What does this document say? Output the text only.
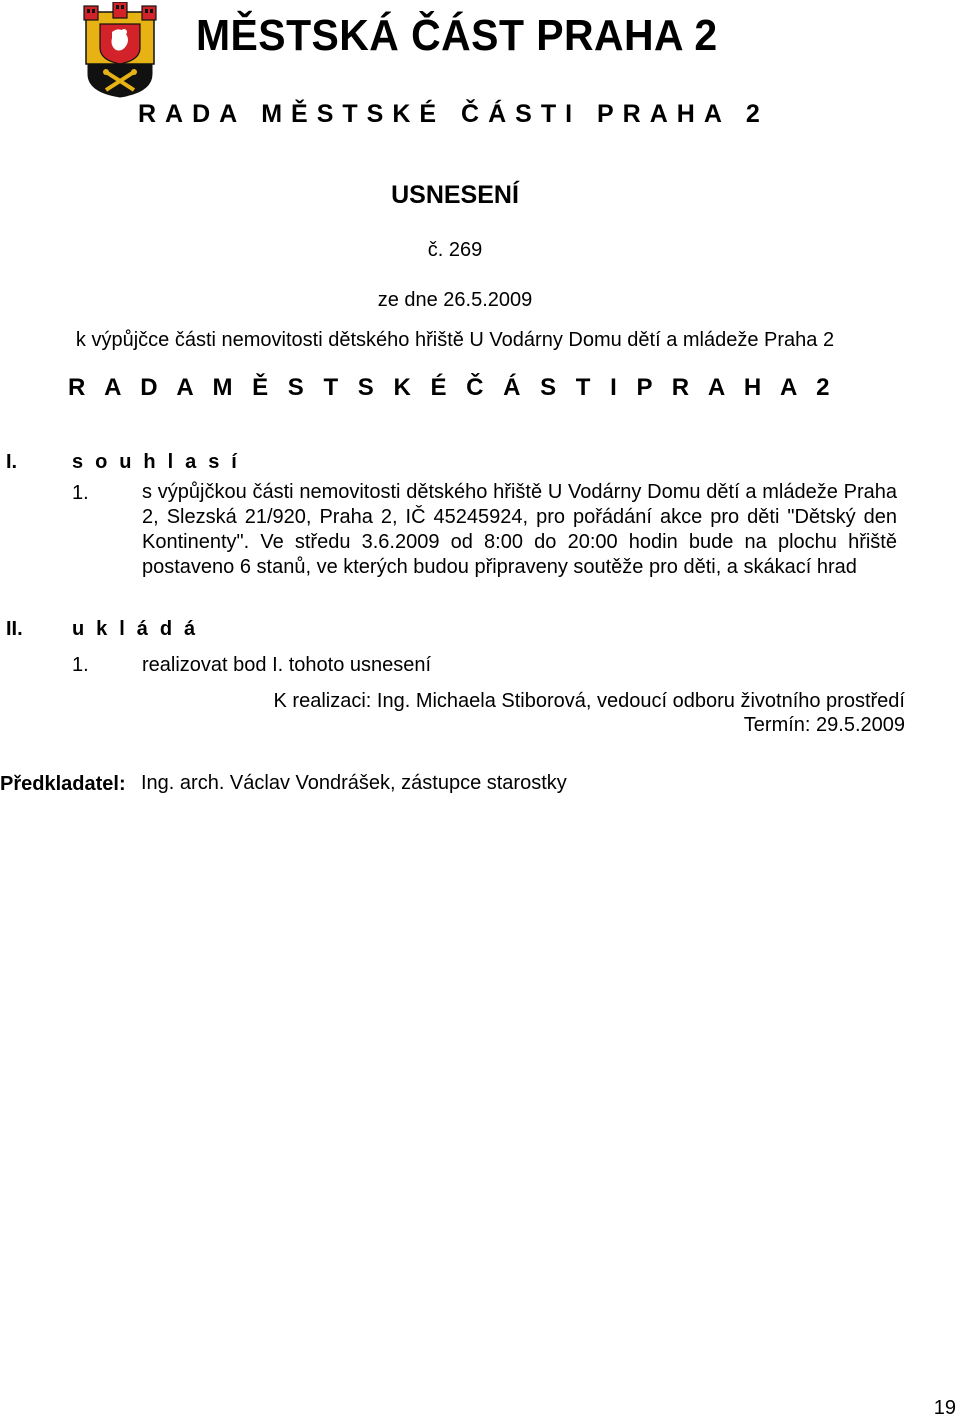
MĚSTSKÁ ČÁST PRAHA 2
RADA MĚSTSKÉ ČÁSTI PRAHA 2
USNESENÍ
č. 269
ze dne 26.5.2009
k výpůjčce části nemovitosti dětského hřiště U Vodárny Domu dětí a mládeže Praha 2
R A D A M Ě S T S K É Č Á S T I P R A H A 2
I.	s o u h l a s í
1.	s výpůjčkou části nemovitosti dětského hřiště U Vodárny Domu dětí a mládeže Praha 2, Slezská 21/920, Praha 2, IČ 45245924, pro pořádání akce pro děti "Dětský den Kontinenty". Ve středu 3.6.2009 od 8:00 do 20:00 hodin bude na plochu hřiště postaveno 6 stanů, ve kterých budou připraveny soutěže pro děti, a skákací hrad

II. u k l á d á
1.	realizovat bod I. tohoto usnesení
K realizaci: Ing. Michaela Stiborová, vedoucí odboru životního prostředí
Termín: 29.5.2009
Předkladatel: Ing. arch. Václav Vondrášek, zástupce starostky
19
